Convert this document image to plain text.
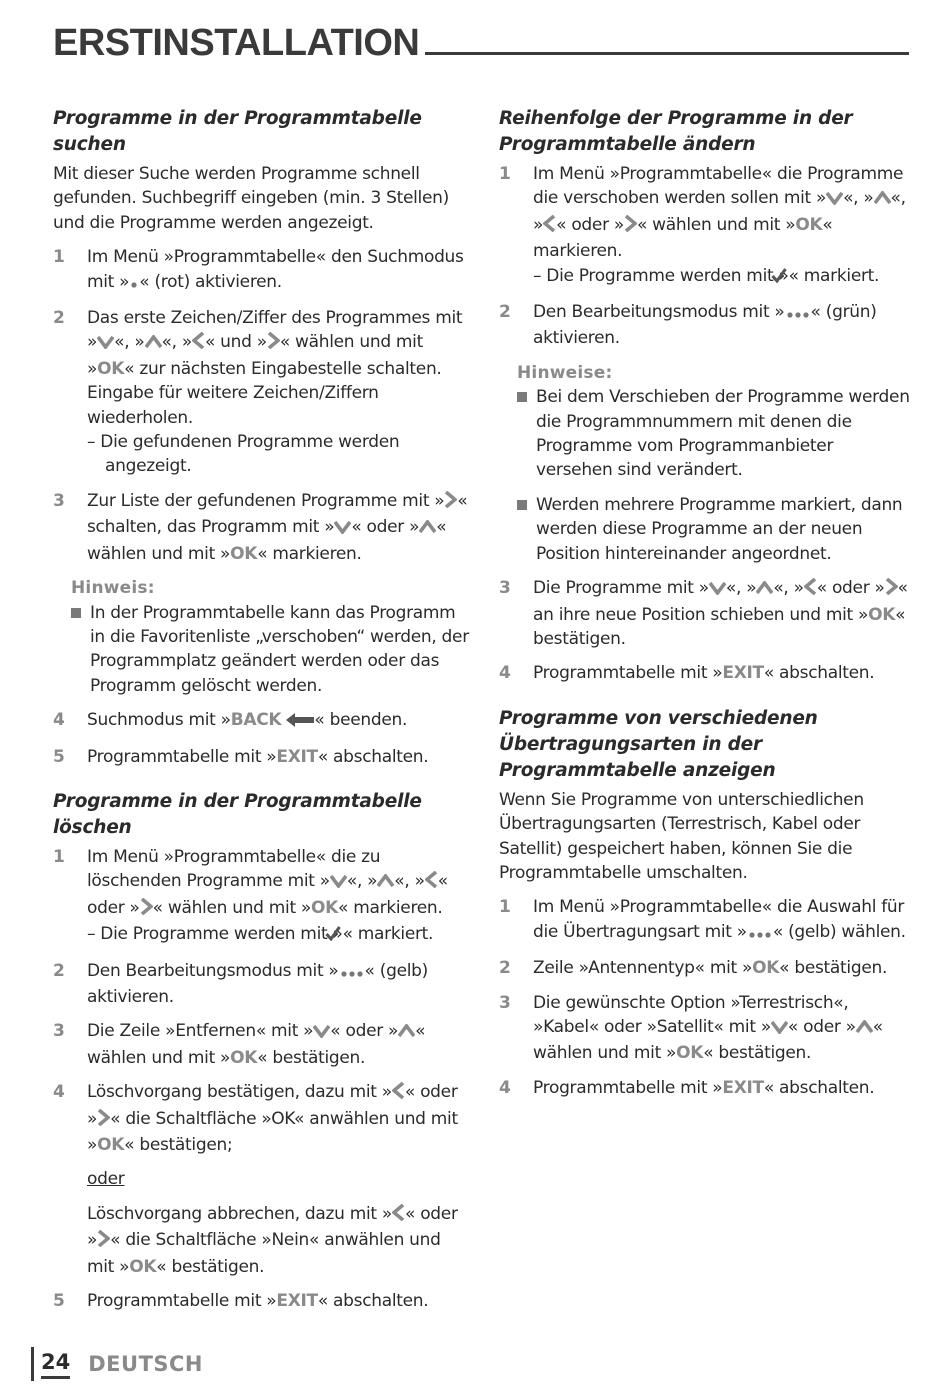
ERSTINSTALLATION
Programme in der Programmtabelle suchen
Mit dieser Suche werden Programme schnell gefunden. Suchbegriff eingeben (min. 3 Stellen) und die Programme werden angezeigt.
1	Im Menü »Programmtabelle« den Suchmodus mit » « (rot) aktivieren.
2	Das erste Zeichen/Ziffer des Programmes mit » «, » «, » « und » « wählen und mit »OK« zur nächsten Eingabestelle schalten.
Eingabe für weitere Zeichen/Ziffern wiederholen.
– Die gefundenen Programme werden angezeigt.
3	Zur Liste der gefundenen Programme mit » « schalten, das Programm mit » « oder » « wählen und mit »OK« markieren.
Hinweis:
In der Programmtabelle kann das Programm in die Favoritenliste „verschoben“ werden, der Programmplatz geändert werden oder das Programm gelöscht werden.
4	Suchmodus mit »BACK « beenden.
5	Programmtabelle mit »EXIT« abschalten.
Programme in der Programmtabelle löschen
1	Im Menü »Programmtabelle« die zu löschenden Programme mit » «, » «, » « oder » « wählen und mit »OK« markieren.
– Die Programme werden mit »« markiert.
2	Den Bearbeitungsmodus mit » « (gelb) aktivieren.
3	Die Zeile »Entfernen« mit » « oder » « wählen und mit »OK« bestätigen.
4	Löschvorgang bestätigen, dazu mit » « oder » « die Schaltfläche »OK« anwählen und mit »OK« bestätigen;
oder
Löschvorgang abbrechen, dazu mit » « oder » « die Schaltfläche »Nein« anwählen und mit »OK« bestätigen.
5	Programmtabelle mit »EXIT« abschalten.
Reihenfolge der Programme in der Programmtabelle ändern
1	Im Menü »Programmtabelle« die Programme die verschoben werden sollen mit » «, » «, » « oder » « wählen und mit »OK« markieren.
– Die Programme werden mit »« markiert.
2	Den Bearbeitungsmodus mit » « (grün) aktivieren.
Hinweise:
Bei dem Verschieben der Programme werden die Programmnummern mit denen die Programme vom Programmanbieter versehen sind verändert.
Werden mehrere Programme markiert, dann werden diese Programme an der neuen Position hintereinander angeordnet.
3	Die Programme mit » «, » «, » « oder » « an ihre neue Position schieben und mit »OK« bestätigen.
4	Programmtabelle mit »EXIT« abschalten.
Programme von verschiedenen Übertragungsarten in der Programmtabelle anzeigen
Wenn Sie Programme von unterschiedlichen Übertragungsarten (Terrestrisch, Kabel oder Satellit) gespeichert haben, können Sie die Programmtabelle umschalten.
1	Im Menü »Programmtabelle« die Auswahl für die Übertragungsart mit » « (gelb) wählen.
2	Zeile »Antennentyp« mit »OK« bestätigen.
3	Die gewünschte Option »Terrestrisch«, »Kabel« oder »Satellit« mit » « oder » « wählen und mit »OK« bestätigen.
4	Programmtabelle mit »EXIT« abschalten.
24 DEUTSCH
